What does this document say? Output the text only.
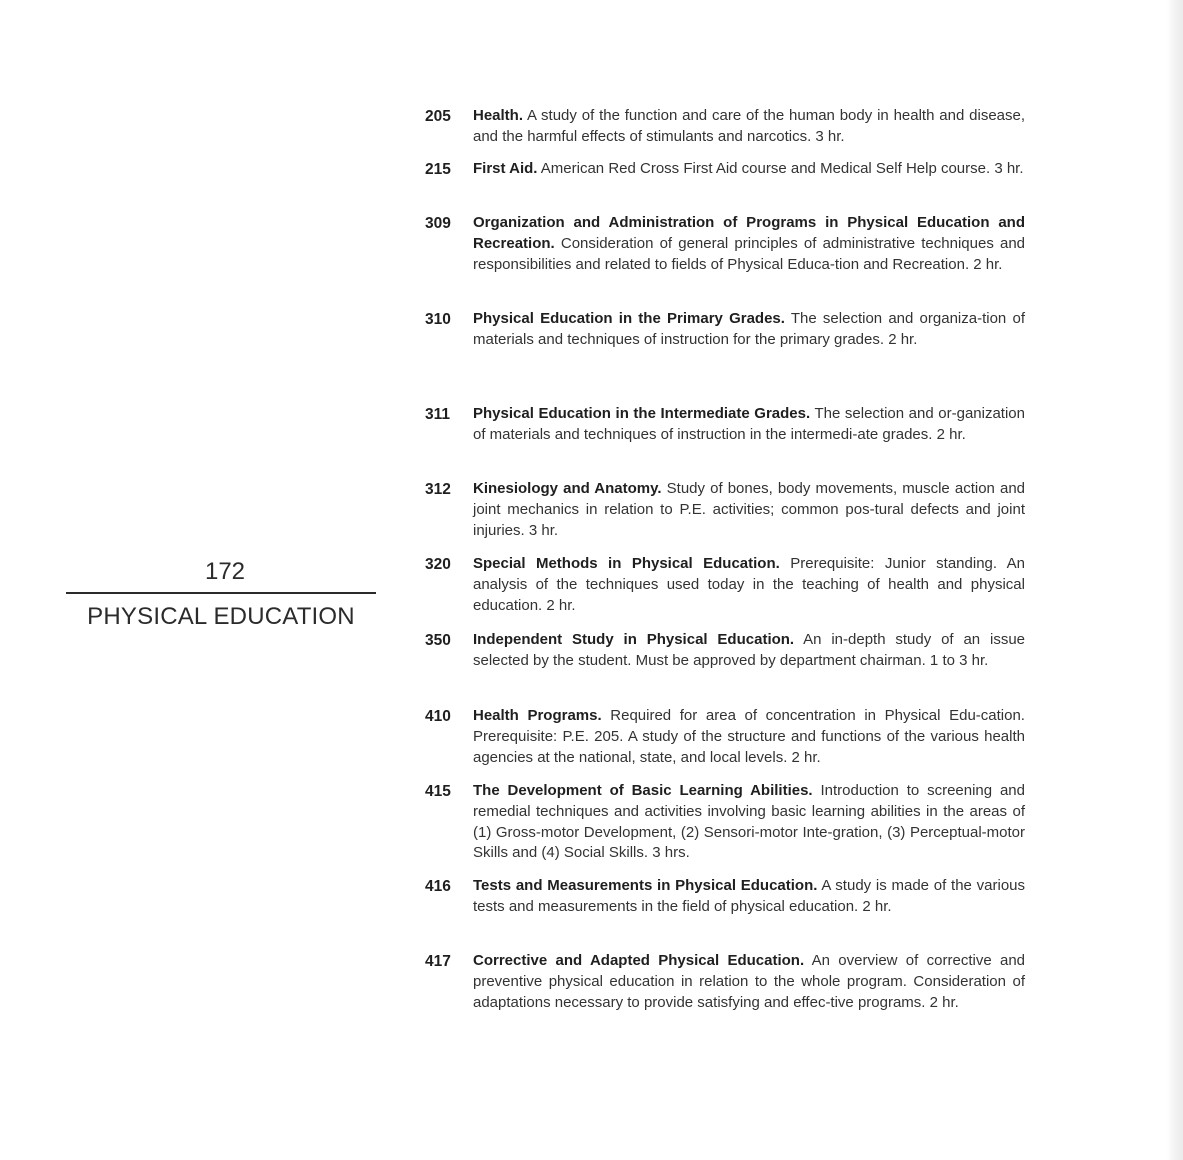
172
PHYSICAL EDUCATION
205	Health. A study of the function and care of the human body in health and disease, and the harmful effects of stimulants and narcotics. 3 hr.
215	First Aid. American Red Cross First Aid course and Medical Self Help course. 3 hr.
309	Organization and Administration of Programs in Physical Education and Recreation. Consideration of general principles of administrative techniques and responsibilities and related to fields of Physical Educa-tion and Recreation. 2 hr.
310	Physical Education in the Primary Grades. The selection and organiza-tion of materials and techniques of instruction for the primary grades. 2 hr.
311	Physical Education in the Intermediate Grades. The selection and or-ganization of materials and techniques of instruction in the intermedi-ate grades. 2 hr.
312	Kinesiology and Anatomy. Study of bones, body movements, muscle action and joint mechanics in relation to P.E. activities; common pos-tural defects and joint injuries. 3 hr.
320	Special Methods in Physical Education. Prerequisite: Junior standing. An analysis of the techniques used today in the teaching of health and physical education. 2 hr.
350	Independent Study in Physical Education. An in-depth study of an issue selected by the student. Must be approved by department chairman. 1 to 3 hr.
410	Health Programs. Required for area of concentration in Physical Edu-cation. Prerequisite: P.E. 205. A study of the structure and functions of the various health agencies at the national, state, and local levels. 2 hr.
415	The Development of Basic Learning Abilities. Introduction to screening and remedial techniques and activities involving basic learning abilities in the areas of (1) Gross-motor Development, (2) Sensori-motor Inte-gration, (3) Perceptual-motor Skills and (4) Social Skills. 3 hrs.
416	Tests and Measurements in Physical Education. A study is made of the various tests and measurements in the field of physical education. 2 hr.
417	Corrective and Adapted Physical Education. An overview of corrective and preventive physical education in relation to the whole program. Consideration of adaptations necessary to provide satisfying and effec-tive programs. 2 hr.
